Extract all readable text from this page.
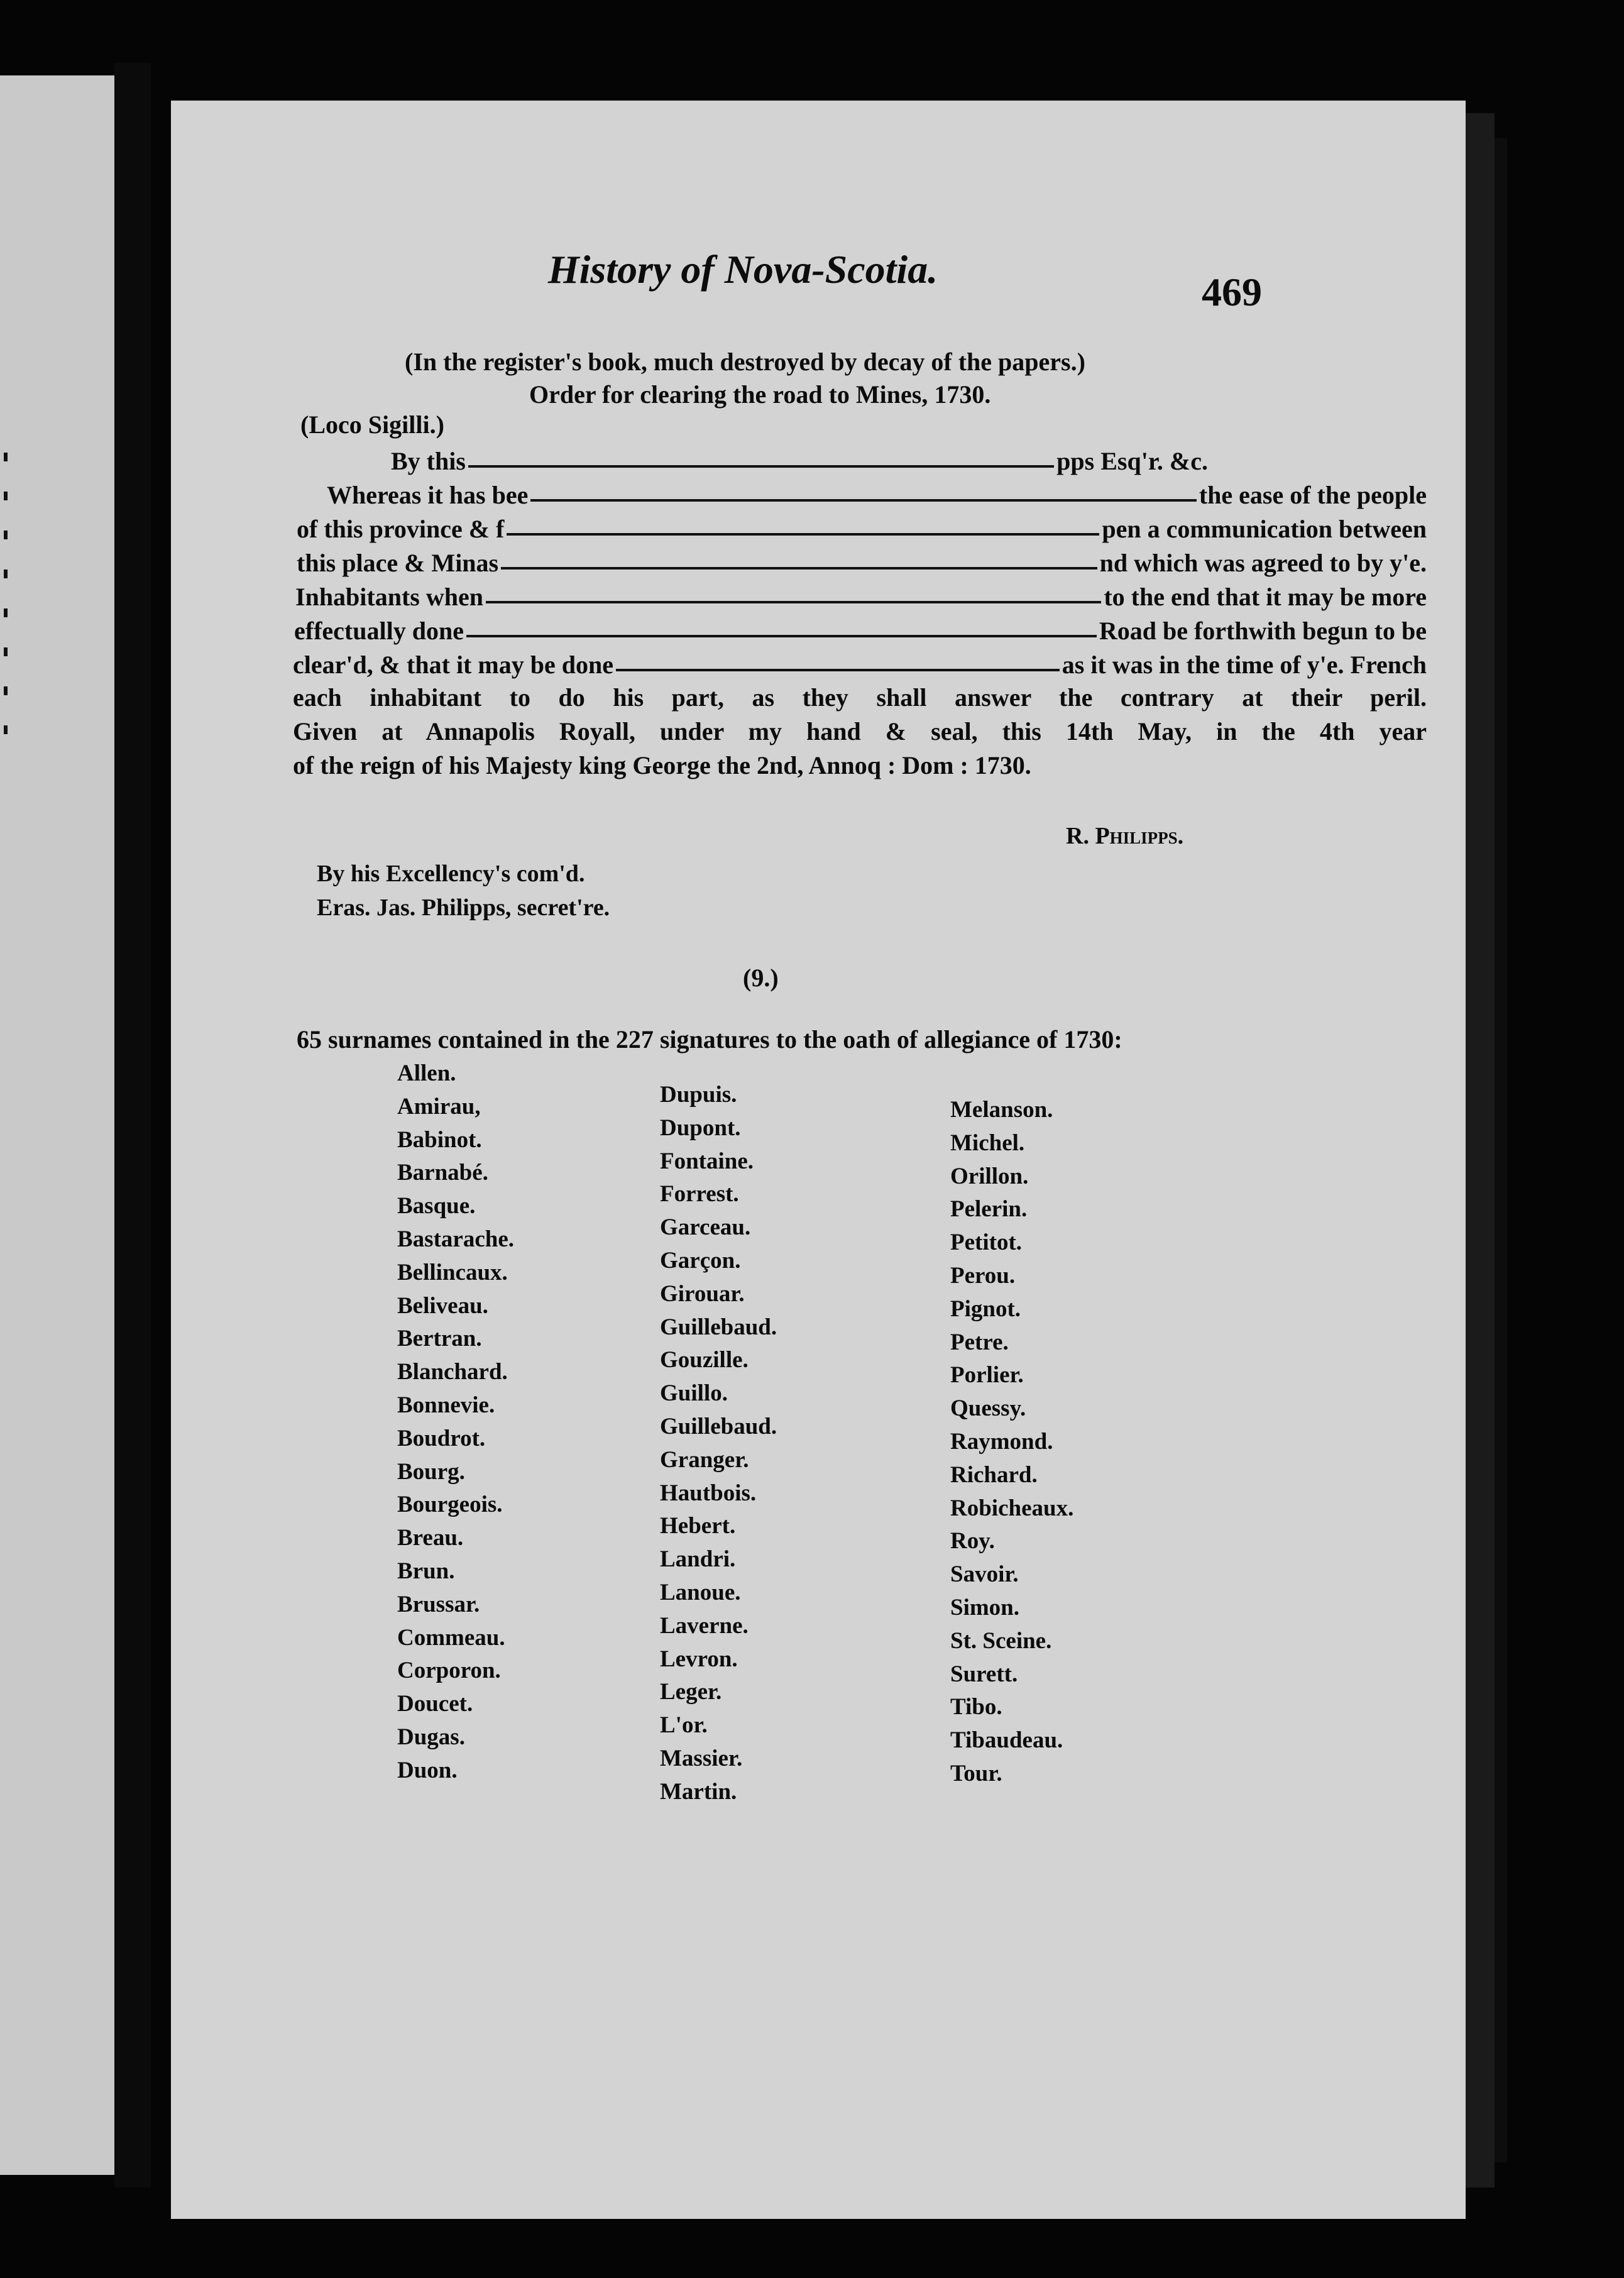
History of Nova-Scotia.
469
(In the register's book, much destroyed by decay of the papers.)
Order for clearing the road to Mines, 1730.
(Loco Sigilli.)
By this	pps Esq'r. &c.
Whereas it has bee	the ease of the people
of this province & f	pen a communication between
this place & Minas	nd which was agreed to by y'e.
Inhabitants when	to the end that it may be more
effectually done	Road be forthwith begun to be
clear'd, & that it may be done	as it was in the time of y'e. French
each inhabitant to do his part, as they shall answer the contrary at their peril.
Given at Annapolis Royall, under my hand & seal, this 14th May, in the 4th year
of the reign of his Majesty king George the 2nd, Annoq : Dom : 1730.
R. Philipps.
By his Excellency's com'd.
Eras. Jas. Philipps, secret're.
(9.)
65 surnames contained in the 227 signatures to the oath of allegiance of 1730:
Allen.
Amirau,
Babinot.
Barnabé.
Basque.
Bastarache.
Bellincaux.
Beliveau.
Bertran.
Blanchard.
Bonnevie.
Boudrot.
Bourg.
Bourgeois.
Breau.
Brun.
Brussar.
Commeau.
Corporon.
Doucet.
Dugas.
Duon.
Dupuis.
Dupont.
Fontaine.
Forrest.
Garceau.
Garçon.
Girouar.
Guillebaud.
Gouzille.
Guillo.
Guillebaud.
Granger.
Hautbois.
Hebert.
Landri.
Lanoue.
Laverne.
Levron.
Leger.
L'or.
Massier.
Martin.
Melanson.
Michel.
Orillon.
Pelerin.
Petitot.
Perou.
Pignot.
Petre.
Porlier.
Quessy.
Raymond.
Richard.
Robicheaux.
Roy.
Savoir.
Simon.
St. Sceine.
Surett.
Tibo.
Tibaudeau.
Tour.
